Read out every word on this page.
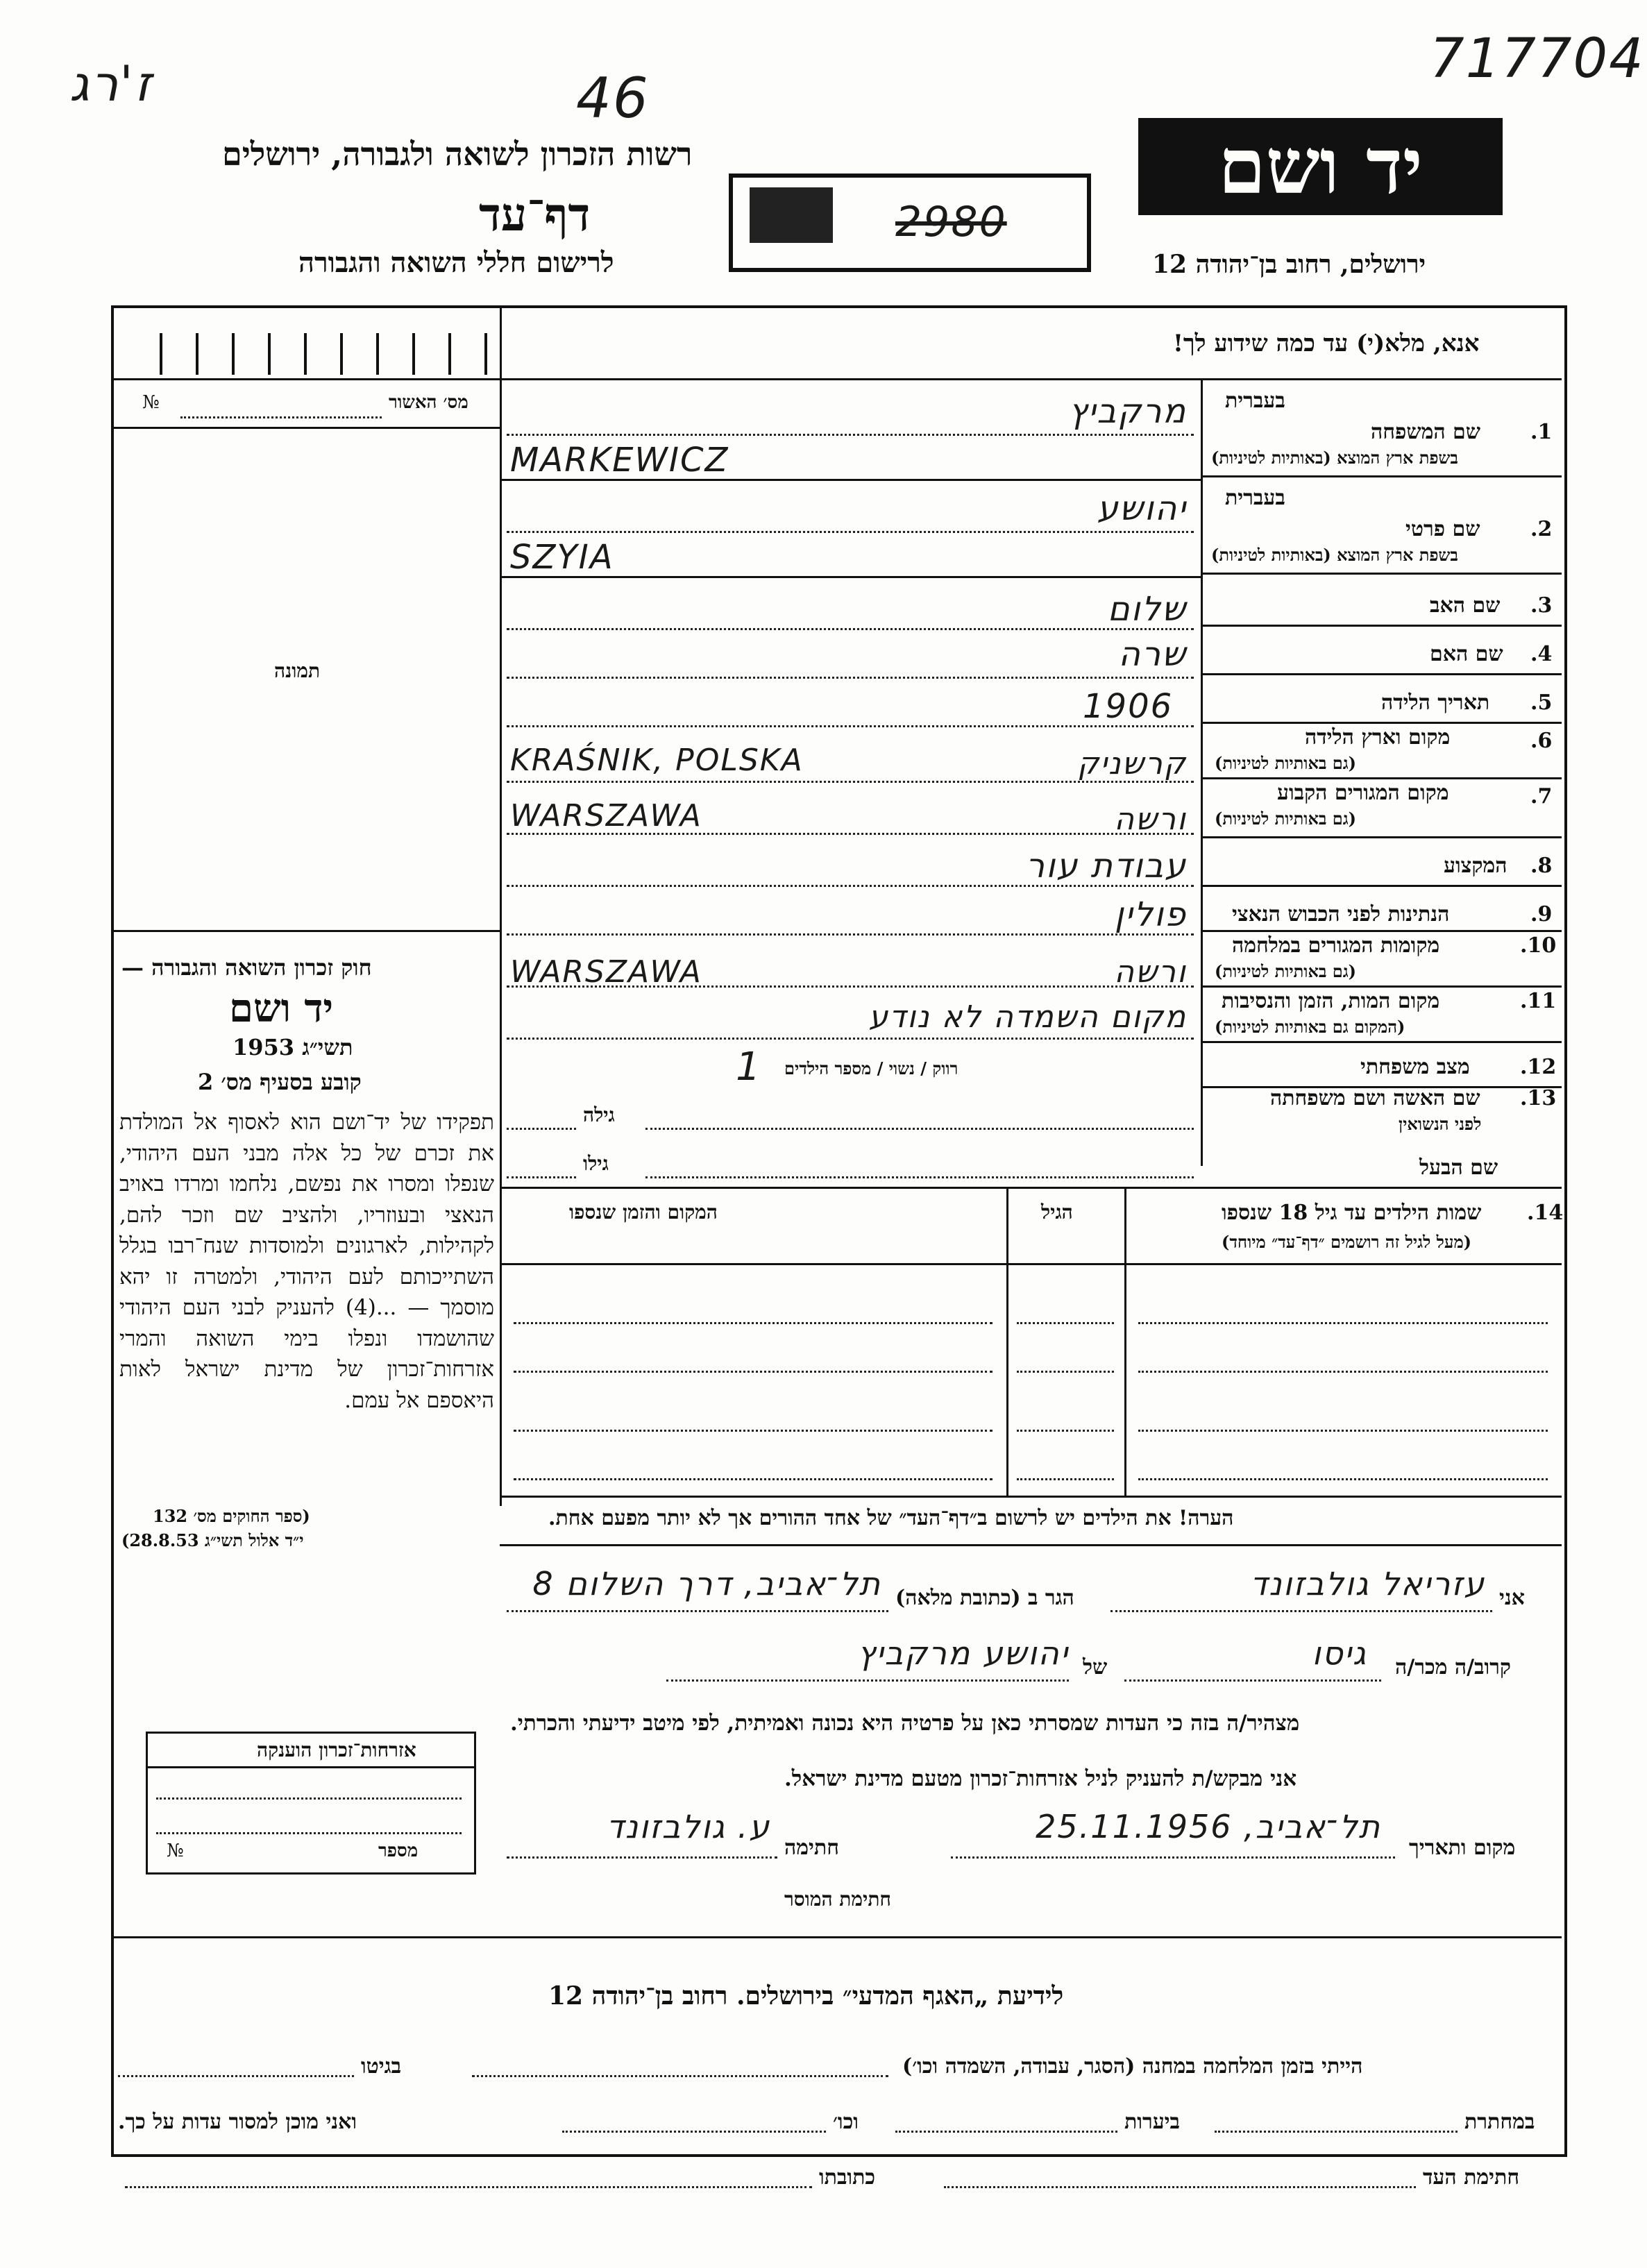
ז'רג	46
717704
רשות הזכרון לשואה ולגבורה, ירושלים
דף־עד
לרישום חללי השואה והגבורה
2980
יד ושם
ירושלים, רחוב בן־יהודה 12
אנא, מלא(י) עד כמה שידוע לך!
מס׳ האשור
№
תמונה
חוק זכרון השואה והגבורה —
יד ושם
תשי״ג 1953
קובע בסעיף מס׳ 2
תפקידו של יד־ושם הוא לאסוף אל המולדת את זכרם של כל אלה מבני העם היהודי, שנפלו ומסרו את נפשם, נלחמו ומרדו באויב הנאצי ובעוזריו, ולהציב שם וזכר להם, לקהילות, לארגונים ולמוסדות שנח־רבו בגלל השתייכותם לעם היהודי, ולמטרה זו יהא מוסמך — ...(4) להעניק לבני העם היהודי שהושמדו ונפלו בימי השואה והמרי אזרחות־זכרון של מדינת ישראל לאות היאספם אל עמם.
(ספר החוקים מס׳ 132
י״ד אלול תשי״ג 28.8.53)
אזרחות־זכרון הוענקה
מספר
№
בעברית
1.
שם המשפחה
בשפת ארץ המוצא (באותיות לטיניות)
מרקביץ
MARKEWICZ
בעברית
2.
שם פרטי
בשפת ארץ המוצא (באותיות לטיניות)
יהושע
SZYIA
3.
שם האב
שלום
4.
שם האם
שרה
5.
תאריך הלידה
1906
6.
מקום וארץ הלידה
(גם באותיות לטיניות)
KRAŚNIK, POLSKA	קרשניק
7.
מקום המגורים הקבוע
(גם באותיות לטיניות)
WARSZAWA	ורשה
8.
המקצוע
עבודת עור
9.
הנתינות לפני הכבוש הנאצי
פולין
10.
מקומות המגורים במלחמה
(גם באותיות לטיניות)
WARSZAWA	ורשה
11.
מקום המות, הזמן והנסיבות
(המקום גם באותיות לטיניות)
מקום השמדה לא נודע
12.
מצב משפחתי
רווק / נשוי / מספר הילדים
1
13.
שם האשה ושם משפחתה
לפני הנשואין
גילה
שם הבעל
גילו
14.
שמות הילדים עד גיל 18 שנספו
(מעל לגיל זה רושמים ״דף־עד״ מיוחד)
הגיל
המקום והזמן שנספו
הערה! את הילדים יש לרשום ב״דף־העד״ של אחד ההורים אך לא יותר מפעם אחת.
אני
עזריאל גולבזונד
הגר ב (כתובת מלאה)
תל־אביב, דרך השלום 8
קרוב/ה מכר/ה
גיסו
של
יהושע מרקביץ
מצהיר/ה בזה כי העדות שמסרתי כאן על פרטיה היא נכונה ואמיתית, לפי מיטב ידיעתי והכרתי.
אני מבקש/ת להעניק לניל אזרחות־זכרון מטעם מדינת ישראל.
מקום ותאריך
תל־אביב, 25.11.1956
חתימה
ע. גולבזונד
חתימת המוסר
לידיעת „האגף המדעי״ בירושלים. רחוב בן־יהודה 12
הייתי בזמן המלחמה במחנה (הסגר, עבודה, השמדה וכו׳)
בגיטו
במחתרת
ביערות
וכו׳
ואני מוכן למסור עדות על כך.
חתימת העד
כתובתו
